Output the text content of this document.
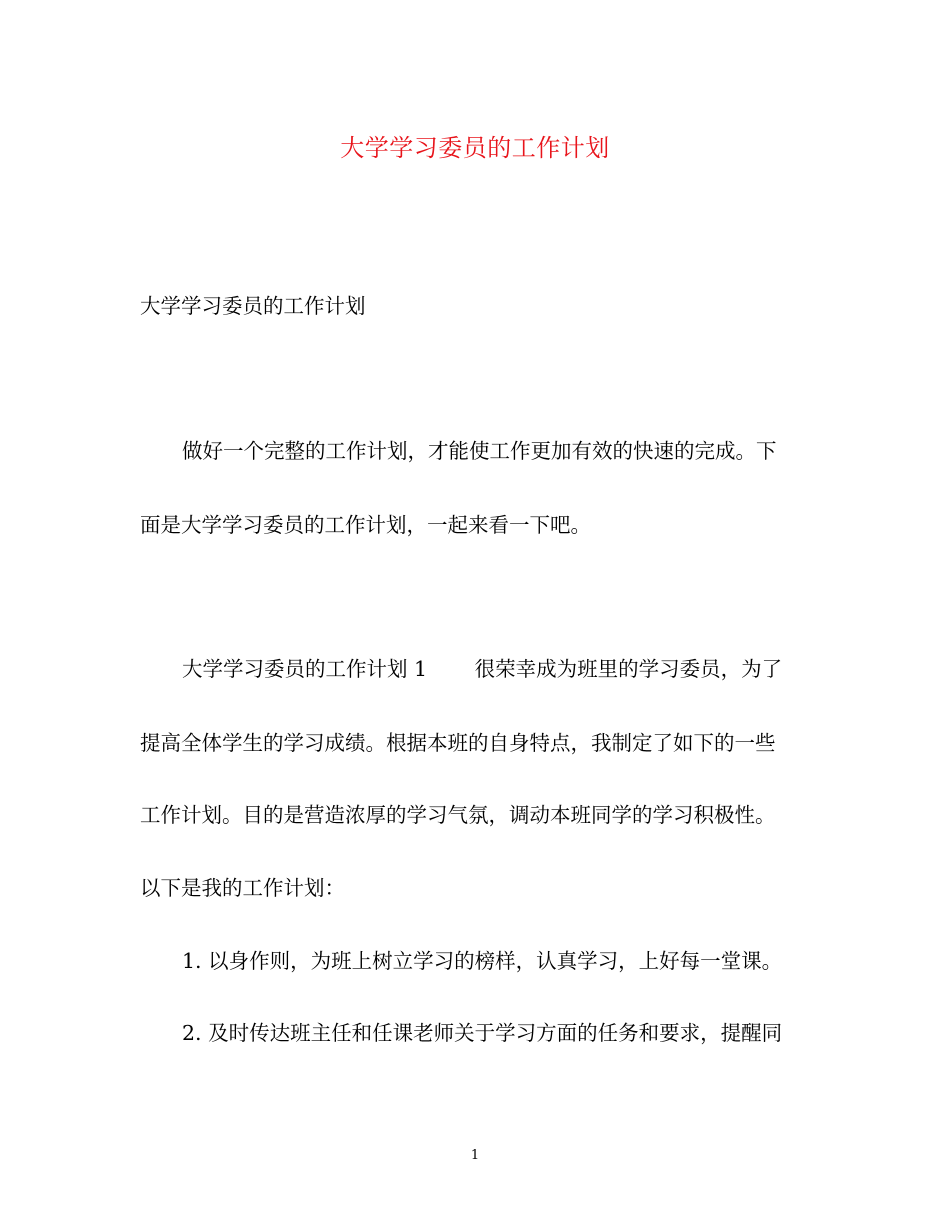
大学学习委员的工作计划
大学学习委员的工作计划
做好一个完整的工作计划，才能使工作更加有效的快速的完成。下
面是大学学习委员的工作计划，一起来看一下吧。
大学学习委员的工作计划 1　　 很荣幸成为班里的学习委员，为了
提高全体学生的学习成绩。根据本班的自身特点，我制定了如下的一些
工作计划。目的是营造浓厚的学习气氛，调动本班同学的学习积极性。
以下是我的工作计划：
1. 以身作则，为班上树立学习的榜样，认真学习，上好每一堂课。
2. 及时传达班主任和任课老师关于学习方面的任务和要求，提醒同
1
